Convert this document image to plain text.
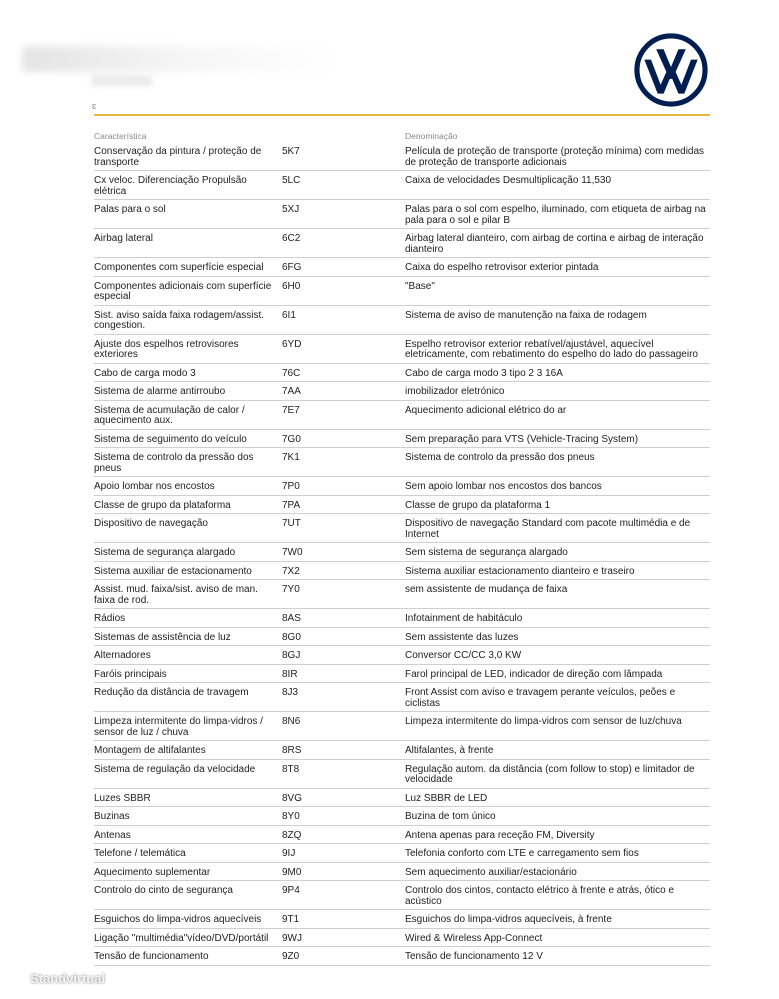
ɛ
Característica	Denominação
Conservação da pintura / proteção de transporte	5K7	Película de proteção de transporte (proteção mínima) com medidas de proteção de transporte adicionais
Cx veloc. Diferenciação Propulsão elétrica	5LC	Caixa de velocidades Desmultiplicação 11,530
Palas para o sol	5XJ	Palas para o sol com espelho, iluminado, com etiqueta de airbag na pala para o sol e pilar B
Airbag lateral	6C2	Airbag lateral dianteiro, com airbag de cortina e airbag de interação dianteiro
Componentes com superfície especial	6FG	Caixa do espelho retrovisor exterior pintada
Componentes adicionais com superfície especial	6H0	"Base"
Sist. aviso saída faixa rodagem/assist. congestion.	6I1	Sistema de aviso de manutenção na faixa de rodagem
Ajuste dos espelhos retrovisores exteriores	6YD	Espelho retrovisor exterior rebatível/ajustável, aquecível eletricamente, com rebatimento do espelho do lado do passageiro
Cabo de carga modo 3	76C	Cabo de carga modo 3 tipo 2 3 16A
Sistema de alarme antirroubo	7AA	imobilizador eletrónico
Sistema de acumulação de calor / aquecimento aux.	7E7	Aquecimento adicional elétrico do ar
Sistema de seguimento do veículo	7G0	Sem preparação para VTS (Vehicle-Tracing System)
Sistema de controlo da pressão dos pneus	7K1	Sistema de controlo da pressão dos pneus
Apoio lombar nos encostos	7P0	Sem apoio lombar nos encostos dos bancos
Classe de grupo da plataforma	7PA	Classe de grupo da plataforma 1
Dispositivo de navegação	7UT	Dispositivo de navegação Standard com pacote multimédia e de Internet
Sistema de segurança alargado	7W0	Sem sistema de segurança alargado
Sistema auxiliar de estacionamento	7X2	Sistema auxiliar estacionamento dianteiro e traseiro
Assist. mud. faixa/sist. aviso de man. faixa de rod.	7Y0	sem assistente de mudança de faixa
Rádios	8AS	Infotainment de habitáculo
Sistemas de assistência de luz	8G0	Sem assistente das luzes
Alternadores	8GJ	Conversor CC/CC 3,0 KW
Faróis principais	8IR	Farol principal de LED, indicador de direção com lâmpada
Redução da distância de travagem	8J3	Front Assist com aviso e travagem perante veículos, peões e ciclistas
Limpeza intermitente do limpa-vidros / sensor de luz / chuva	8N6	Limpeza intermitente do limpa-vidros com sensor de luz/chuva
Montagem de altifalantes	8RS	Altifalantes, à frente
Sistema de regulação da velocidade	8T8	Regulação autom. da distância (com follow to stop) e limitador de velocidade
Luzes SBBR	8VG	Luz SBBR de LED
Buzinas	8Y0	Buzina de tom único
Antenas	8ZQ	Antena apenas para receção FM, Diversity
Telefone / telemática	9IJ	Telefonia conforto com LTE e carregamento sem fios
Aquecimento suplementar	9M0	Sem aquecimento auxiliar/estacionário
Controlo do cinto de segurança	9P4	Controlo dos cintos, contacto elétrico à frente e atrás, ótico e acústico
Esguichos do limpa-vidros aquecíveis	9T1	Esguichos do limpa-vidros aquecíveis, à frente
Ligação "multimédia"vídeo/DVD/portátil	9WJ	Wired & Wireless App-Connect
Tensão de funcionamento	9Z0	Tensão de funcionamento 12 V
Standvirtual
